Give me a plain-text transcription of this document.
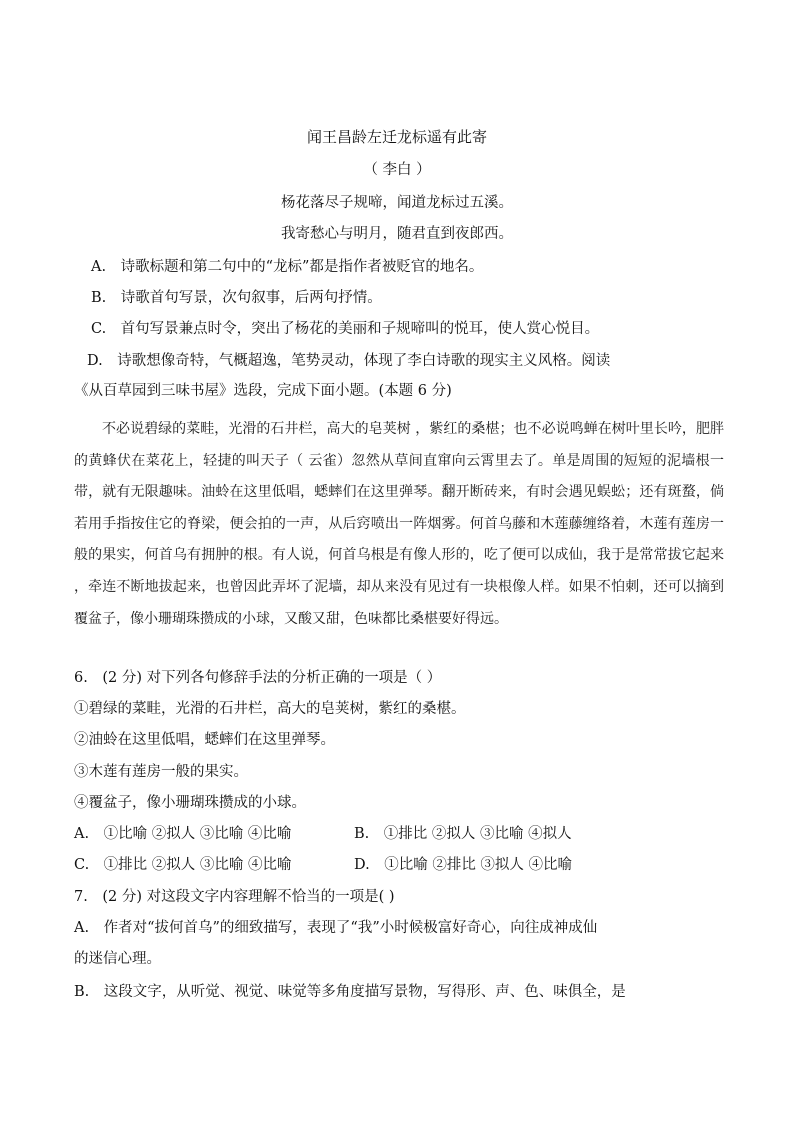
闻王昌龄左迁龙标遥有此寄
（ 李白 ）
杨花落尽子规啼，闻道龙标过五溪。
我寄愁心与明月，随君直到夜郎西。
A.　诗歌标题和第二句中的“龙标”都是指作者被贬官的地名。
B.　诗歌首句写景，次句叙事，后两句抒情。
C.　首句写景兼点时令，突出了杨花的美丽和子规啼叫的悦耳，使人赏心悦目。
D.　诗歌想像奇特，气概超逸，笔势灵动，体现了李白诗歌的现实主义风格。阅读
《从百草园到三味书屋》选段，完成下面小题。(本题 6 分)
不必说碧绿的菜畦，光滑的石井栏，高大的皂荚树 ，紫红的桑椹；也不必说鸣蝉在树叶里长吟，肥胖的黄蜂伏在菜花上，轻捷的叫天子（ 云雀）忽然从草间直窜向云霄里去了。单是周围的短短的泥墙根一带，就有无限趣味。油蛉在这里低唱，蟋蟀们在这里弹琴。翻开断砖来，有时会遇见蜈蚣；还有斑蝥，倘若用手指按住它的脊梁，便会拍的一声，从后窍喷出一阵烟雾。何首乌藤和木莲藤缠络着，木莲有莲房一般的果实，何首乌有拥肿的根。有人说，何首乌根是有像人形的，吃了便可以成仙，我于是常常拔它起来 ，牵连不断地拔起来，也曾因此弄坏了泥墙，却从来没有见过有一块根像人样。如果不怕刺，还可以摘到覆盆子，像小珊瑚珠攒成的小球，又酸又甜，色味都比桑椹要好得远。
6.　(2 分) 对下列各句修辞手法的分析正确的一项是（ ）
①碧绿的菜畦，光滑的石井栏，高大的皂荚树，紫红的桑椹。
②油蛉在这里低唱，蟋蟀们在这里弹琴。
③木莲有莲房一般的果实。
④覆盆子，像小珊瑚珠攒成的小球。
A.　①比喻 ②拟人 ③比喻 ④比喻	B.　①排比 ②拟人 ③比喻 ④拟人
C.　①排比 ②拟人 ③比喻 ④比喻	D.　①比喻 ②排比 ③拟人 ④比喻
7.　(2 分) 对这段文字内容理解不恰当的一项是( )
A.　作者对“拔何首乌”的细致描写，表现了“我”小时候极富好奇心，向往成神成仙
的迷信心理。
B.　这段文字，从听觉、视觉、味觉等多角度描写景物，写得形、声、色、味俱全，是
